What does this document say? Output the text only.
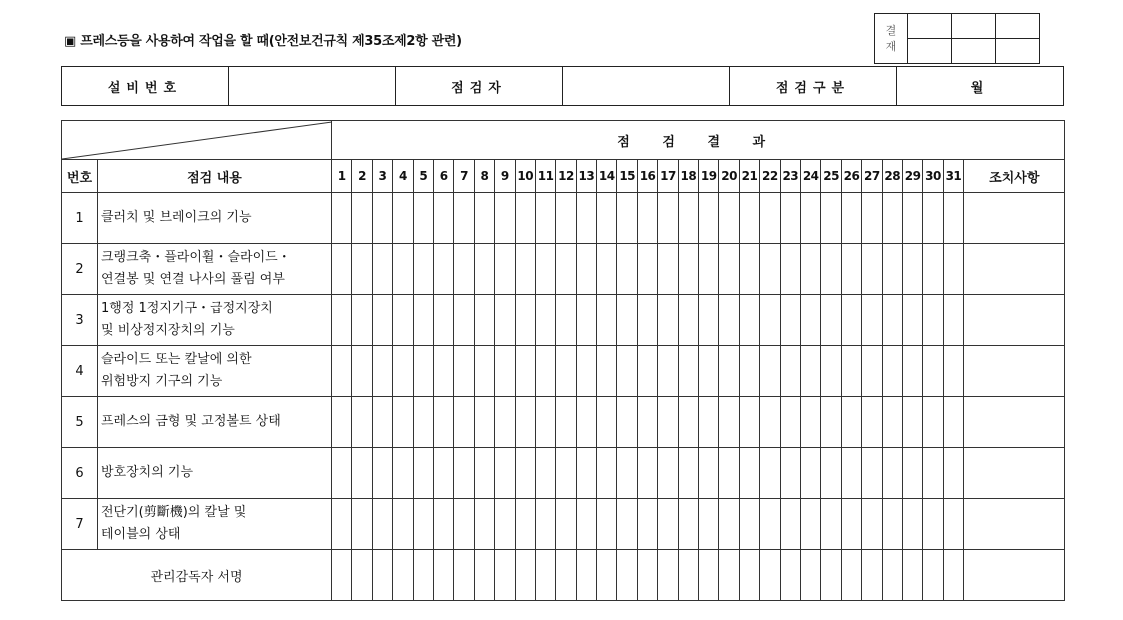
▣ 프레스등을 사용하여 작업을 할 때(안전보건규칙 제35조제2항 관련)
결
재			

설비번호		점검자		점검구분	월
	점 검 결 과																															
번호	점검 내용	1	2	3	4	5	6	7	8	9	10	11	12	13	14	15	16	17	18	19	20	21	22	23	24	25	26	27	28	29	30	31	조치사항
1	클러치 및 브레이크의 기능																																

2	크랭크축・플라이휠・슬라이드・
연결봉 및 연결 나사의 풀림 여부																																

3	1행정 1정지기구・급정지장치
및 비상정지장치의 기능																																

4	슬라이드 또는 칼날에 의한
위험방지 기구의 기능																																

5	프레스의 금형 및 고정볼트 상태																																

6	방호장치의 기능																																

7	전단기(剪斷機)의 칼날 및
테이블의 상태																																

관리감독자 서명																																	
